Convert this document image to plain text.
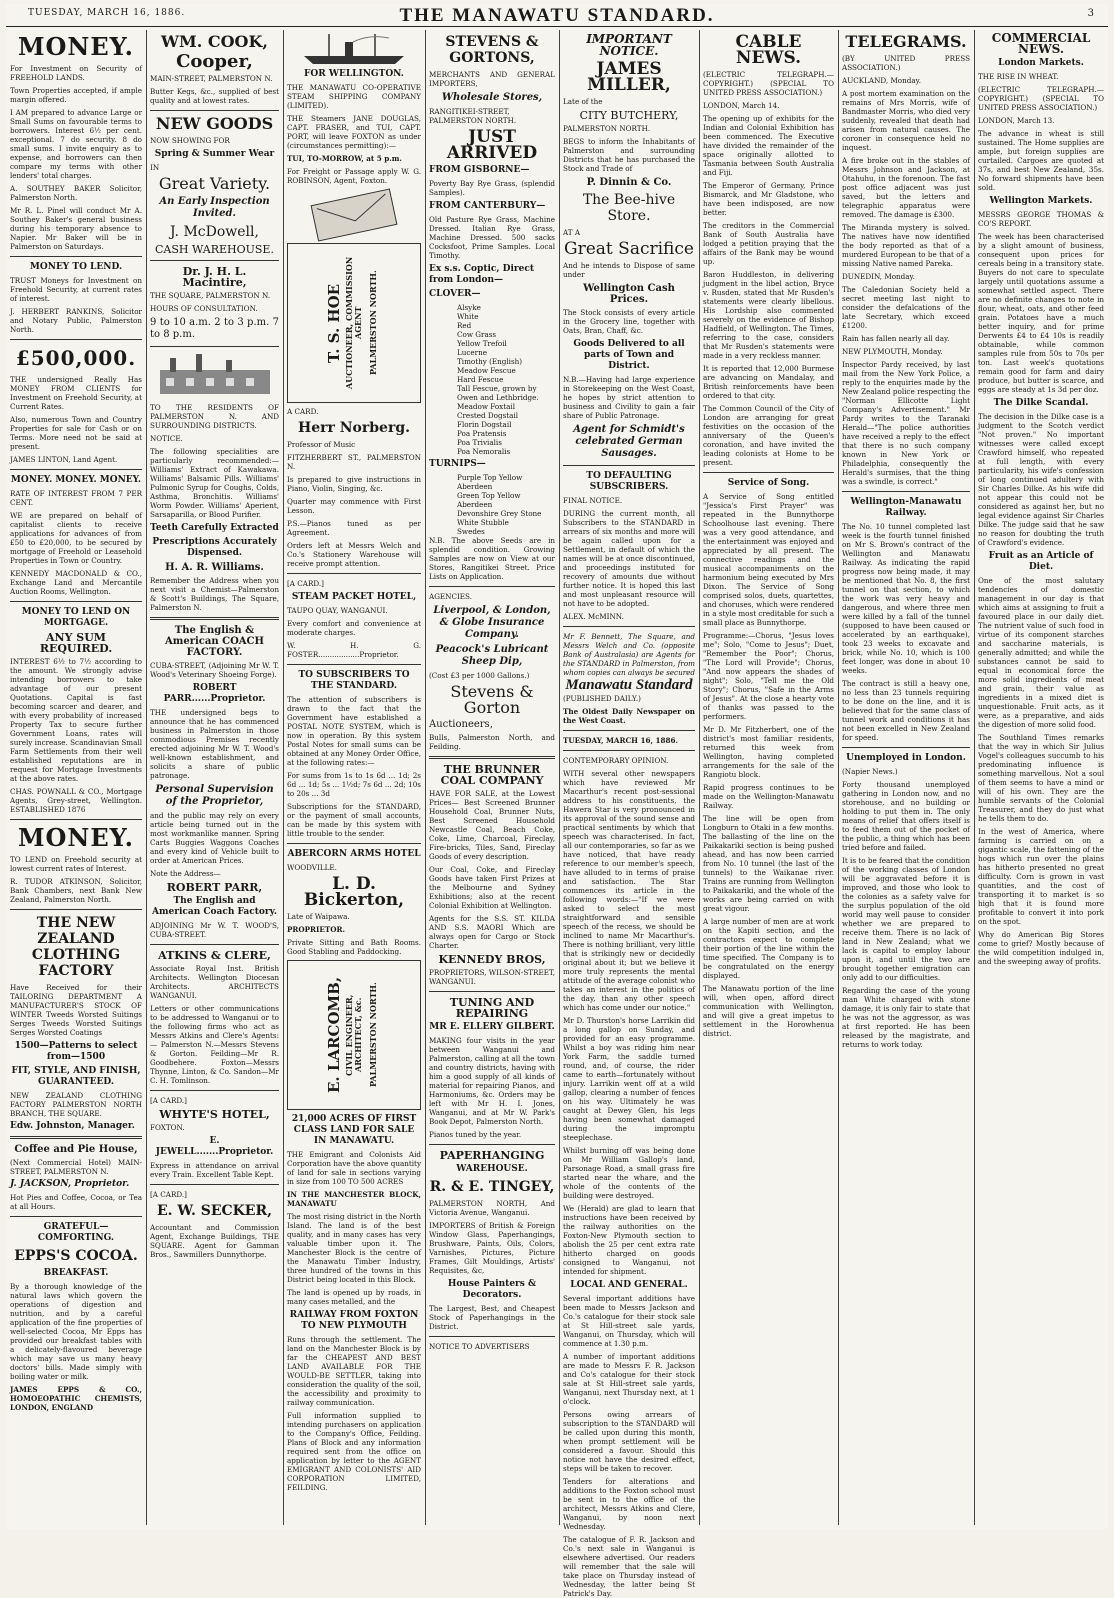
TUESDAY, MARCH 16, 1886.	THE MANAWATU STANDARD.	3
MONEY.

For Investment on Security of FREEHOLD LANDS.

Town Properties accepted, if ample margin offered.

I AM prepared to advance Large or Small Sums on favourable terms to borrowers. Interest 6½ per cent. exceptional. 7 do security. 8 do small sums. I invite enquiry as to expense, and borrowers can then compare my terms with other lenders' total charges.

A. SOUTHEY BAKER Solicitor, Palmerston North.

Mr R. L. Pinel will conduct Mr A. Southey Baker's general business during his temporary absence to Napier. Mr Baker will be in Palmerston on Saturdays.

MONEY TO LEND.

TRUST Moneys for Investment on Freehold Security, at current rates of interest.

J. HERBERT RANKINS, Solicitor and Notary Public, Palmerston North.

£500,000.

THE undersigned Really Has MONEY FROM CLIENTS for Investment on Freehold Security, at Current Rates.

Also, numerous Town and Country Properties for sale for Cash or on Terms. More need not be said at present.

JAMES LINTON, Land Agent.

MONEY. MONEY. MONEY.

RATE OF INTEREST FROM 7 PER CENT.

WE are prepared on behalf of capitalist clients to receive applications for advances of from £50 to £20,000, to be secured by mortgage of Freehold or Leasehold Properties in Town or Country.

KENNEDY MACDONALD & CO., Exchange Land and Mercantile Auction Rooms, Wellington.

MONEY TO LEND ON MORTGAGE.
ANY SUM REQUIRED.

INTEREST 6½ to 7½ according to the amount. We strongly advise intending borrowers to take advantage of our present Quotations. Capital is fast becoming scarcer and dearer, and with every probability of increased Property Tax to secure further Government Loans, rates will surely increase. Scandinavian Small Farm Settlements from their well established reputations are in request for Mortgage Investments at the above rates.

CHAS. POWNALL & CO., Mortgage Agents, Grey-street, Wellington. ESTABLISHED 1876

MONEY.

TO LEND on Freehold security at lowest current rates of Interest.

R. TUDOR ATKINSON, Solicitor, Bank Chambers, next Bank New Zealand, Palmerston North.

THE NEW ZEALAND CLOTHING FACTORY

Have Received for their TAILORING DEPARTMENT A MANUFACTURER'S STOCK OF WINTER Tweeds Worsted Suitings Serges Tweeds Worsted Suitings Serges Worsted Coatings

1500—Patterns to select from—1500
FIT, STYLE, AND FINISH, GUARANTEED.

NEW ZEALAND CLOTHING FACTORY PALMERSTON NORTH BRANCH, THE SQUARE.

Edw. Johnston, Manager.

Coffee and Pie House,

(Next Commercial Hotel) MAIN-STREET, PALMERSTON N.

J. JACKSON, Proprietor.

Hot Pies and Coffee, Cocoa, or Tea at all Hours.

GRATEFUL—COMFORTING.
EPPS'S COCOA.
BREAKFAST.

By a thorough knowledge of the natural laws which govern the operations of digestion and nutrition, and by a careful application of the fine properties of well-selected Cocoa, Mr Epps has provided our breakfast tables with a delicately-flavoured beverage which may save us many heavy doctors' bills. Made simply with boiling water or milk.

JAMES EPPS & CO., HOMOEOPATHIC CHEMISTS, LONDON, ENGLAND

WM. COOK,
Cooper,

MAIN-STREET, PALMERSTON N.

Butter Kegs, &c., supplied of best quality and at lowest rates.

NEW GOODS

NOW SHOWING FOR

Spring & Summer Wear

IN

Great Variety.
An Early Inspection Invited.
J. McDowell,
CASH WAREHOUSE.
Dr. J. H. L. Macintire,

THE SQUARE, PALMERSTON N.

HOURS OF CONSULTATION.

9 to 10 a.m. 2 to 3 p.m. 7 to 8 p.m.

TO THE RESIDENTS OF PALMERSTON N. AND SURROUNDING DISTRICTS.

NOTICE.

The following specialities are particularly recommended:— Williams' Extract of Kawakawa. Williams' Balsamic Pills. Williams' Pulmonic Syrup for Coughs, Colds, Asthma, Bronchitis. Williams' Worm Powder. Williams' Aperient, Sarsaparilla, or Blood Purifier.

Teeth Carefully Extracted
Prescriptions Accurately Dispensed.
H. A. R. Williams.

Remember the Address when you next visit a Chemist—Palmerston & Scott's Buildings, The Square, Palmerston N.

The English & American COACH FACTORY.

CUBA-STREET, (Adjoining Mr W. T. Wood's Veterinary Shoeing Forge).

ROBERT PARR......Proprietor.

THE undersigned begs to announce that he has commenced business in Palmerston in those commodious Premises recently erected adjoining Mr W. T. Wood's well-known establishment, and solicits a share of public patronage.

Personal Supervision of the Proprietor,

and the public may rely on every article being turned out in the most workmanlike manner. Spring Carts Buggies Waggons Coaches and every kind of Vehicle built to order at American Prices.

Note the Address—

ROBERT PARR,
The English and American Coach Factory.

ADJOINING Mr W. T. WOOD'S, CUBA-STREET.

ATKINS & CLERE,

Associate Royal Inst. British Architects. Wellington Diocesan Architects. ARCHITECTS WANGANUI.

Letters or other communications to be addressed to Wanganui or to the following firms who act as Messrs Atkins and Clere's Agents:— Palmerston N.—Messrs Stevens & Gorton. Feilding—Mr R. Goodbehere. Foxton—Messrs Thynne, Linton, & Co. Sandon—Mr C. H. Tomlinson.

[A CARD.]

WHYTE'S HOTEL,

FOXTON.

E. JEWELL.......Proprietor.

Express in attendance on arrival every Train. Excellent Table Kept.

[A CARD.]

E. W. SECKER,

Accountant and Commission Agent, Exchange Buildings, THE SQUARE. Agent for Gamman Bros., Sawmillers Dunnythorpe.

FOR WELLINGTON.

THE MANAWATU CO-OPERATIVE STEAM SHIPPING COMPANY (LIMITED).

THE Steamers JANE DOUGLAS, CAPT. FRASER, and TUI, CAPT. PORT, will leave FOXTON as under (circumstances permitting):—

TUI, TO-MORROW, at 5 p.m.

For Freight or Passage apply W. G. ROBINSON, Agent, Foxton.

T. S. HOE AUCTIONEER, COMMISSION AGENT PALMERSTON NORTH.

A CARD.

Herr Norberg.

Professor of Music

FITZHERBERT ST., PALMERSTON N.

Is prepared to give instructions in Piano, Violin, Singing, &c.

Quarter may commence with First Lesson.

P.S.—Pianos tuned as per Agreement.

Orders left at Messrs Welch and Co.'s Stationery Warehouse will receive prompt attention.

[A CARD.]

STEAM PACKET HOTEL,

TAUPO QUAY, WANGANUI.

Every comfort and convenience at moderate charges.

W. H. G. FOSTER..................Proprietor.

TO SUBSCRIBERS TO THE STANDARD.

The attention of subscribers is drawn to the fact that the Government have established a POSTAL NOTE SYSTEM, which is now in operation. By this system Postal Notes for small sums can be obtained at any Money Order Office, at the following rates:—

For sums from 1s to 1s 6d ... 1d; 2s 6d ... 1d; 5s ... 1½d; 7s 6d ... 2d; 10s to 20s ... 3d

Subscriptions for the STANDARD, or the payment of small accounts, can be made by this system with little trouble to the sender.

ABERCORN ARMS HOTEL

WOODVILLE.

L. D. Bickerton,

Late of Waipawa.

PROPRIETOR.

Private Sitting and Bath Rooms. Good Stabling and Paddocking.

E. LARCOMB, CIVIL ENGINEER, ARCHITECT, &c. PALMERSTON NORTH.
21,000 ACRES OF FIRST CLASS LAND FOR SALE IN MANAWATU.

THE Emigrant and Colonists Aid Corporation have the above quantity of land for sale in sections varying in size from 100 TO 500 ACRES

IN THE MANCHESTER BLOCK, MANAWATU

The most rising district in the North Island. The land is of the best quality, and in many cases has very valuable timber upon it. The Manchester Block is the centre of the Manawatu Timber Industry, three hundred of the towns in this District being located in this Block.

The land is opened up by roads, in many cases metalled, and the

RAILWAY FROM FOXTON TO NEW PLYMOUTH

Runs through the settlement. The land on the Manchester Block is by far the CHEAPEST AND BEST LAND AVAILABLE FOR THE WOULD-BE SETTLER, taking into consideration the quality of the soil, the accessibility and proximity to railway communication.

Full information supplied to intending purchasers on application to the Company's Office, Feilding. Plans of Block and any information required sent from the office on application by letter to the AGENT EMIGRANT AND COLONISTS' AID CORPORATION LIMITED, FEILDING.

STEVENS & GORTONS,

MERCHANTS AND GENERAL IMPORTERS,

Wholesale Stores,

RANGITIKEI-STREET, PALMERSTON NORTH.

JUST ARRIVED
FROM GISBORNE—

Poverty Bay Rye Grass, (splendid Samples).

FROM CANTERBURY—

Old Pasture Rye Grass, Machine Dressed. Italian Rye Grass, Machine Dressed. 500 sacks Cocksfoot, Prime Samples. Local Timothy.

Ex s.s. Coptic, Direct from London—
CLOVER—
Alsyke
White
Red
Cow Grass
Yellow Trefoil
Lucerne
Timothy (English)
Meadow Fescue
Hard Fescue
Tall Fescue, grown by Owen and Lethbridge.
Meadow Foxtail
Crested Dogstail
Florin Dogstail
Poa Pratensis
Poa Trivialis
Poa Nemoralis
TURNIPS—
Purple Top Yellow Aberdeen
Green Top Yellow Aberdeen
Devonshire Grey Stone
White Stubble
Swedes

N.B. The above Seeds are in splendid condition. Growing Samples are now on View at our Stores, Rangitikei Street. Price Lists on Application.

AGENCIES.

Liverpool, & London, & Globe Insurance Company.
Peacock's Lubricant Sheep Dip,

(Cost £3 per 1000 Gallons.)

Stevens & Gorton

Auctioneers,

Bulls, Palmerston North, and Feilding.

THE BRUNNER COAL COMPANY

HAVE FOR SALE, at the Lowest Prices— Best Screened Brunner Household Coal, Brunner Nuts, Best Screened Household Newcastle Coal, Beach Coke, Coke, Lime, Charcoal, Fireclay, Fire-bricks, Tiles, Sand, Fireclay Goods of every description.

Our Coal, Coke, and Fireclay Goods have taken First Prizes at the Melbourne and Sydney Exhibitions; also at the recent Colonial Exhibition at Wellington.

Agents for the S.S. ST. KILDA AND S.S. MAORI Which are always open for Cargo or Stock Charter.

KENNEDY BROS,

PROPRIETORS, WILSON-STREET, WANGANUI.

TUNING AND REPAIRING
MR E. ELLERY GILBERT.

MAKING four visits in the year between Wanganui and Palmerston, calling at all the town and country districts, having with him a good supply of all kinds of material for repairing Pianos, and Harmoniums, &c. Orders may be left with Mr H. I. Jones, Wanganui, and at Mr W. Park's Book Depot, Palmerston North.

Pianos tuned by the year.

PAPERHANGING
WAREHOUSE.
R. & E. TINGEY,

PALMERSTON NORTH, And Victoria Avenue, Wanganui.

IMPORTERS of British & Foreign Window Glass, Paperhangings, Brushware, Paints, Oils, Colors, Varnishes, Pictures, Picture Frames, Gilt Mouldings, Artists' Requisites, &c,

House Painters & Decorators.

The Largest, Best, and Cheapest Stock of Paperhangings in the District.

NOTICE TO ADVERTISERS

IMPORTANT NOTICE.
JAMES MILLER,

Late of the

CITY BUTCHERY,

PALMERSTON NORTH.

BEGS to inform the Inhabitants of Palmerston and surrounding Districts that he has purchased the Stock and Trade of

P. Dinnin & Co.
The Bee-hive Store.

AT A

Great Sacrifice

And he intends to Dispose of same under

Wellington Cash Prices.

The Stock consists of every article in the Grocery line, together with Oats, Bran, Chaff, &c.

Goods Delivered to all parts of Town and District.

N.B.—Having had large experience in Storekeeping on the West Coast, he hopes by strict attention to business and Civility to gain a fair share of Public Patronage.

Agent for Schmidt's celebrated German Sausages.
TO DEFAULTING SUBSCRIBERS.

FINAL NOTICE.

DURING the current month, all Subscribers to the STANDARD in arrears of six months and more will be again called upon for a Settlement, in default of which the names will be at once discontinued, and proceedings instituted for recovery of amounts due without further notice. It is hoped this last and most unpleasant resource will not have to be adopted.

ALEX. McMINN.

Mr F. Bennett, The Square, and Messrs Welch and Co. (opposite Bank of Australasia) are Agents for the STANDARD in Palmerston, from whom copies can always be secured

Manawatu Standard

(PUBLISHED DAILY.)

The Oldest Daily Newspaper on the West Coast.

TUESDAY, MARCH 16, 1886.

CONTEMPORARY OPINION.

WITH several other newspapers which have reviewed Mr Macarthur's recent post-sessional address to his constituents, the Hawera Star is very pronounced in its approval of the sound sense and practical sentiments by which that speech was characterised. In fact, all our contemporaries, so far as we have noticed, that have ready reference to our member's speech, have alluded to in terms of praise and satisfaction. The Star commences its article in the following words:—"If we were asked to select the most straightforward and sensible speech of the recess, we should be inclined to name Mr Macarthur's. There is nothing brilliant, very little that is strikingly new or decidedly original about it; but we believe it more truly represents the mental attitude of the average colonist who takes an interest in the politics of the day, than any other speech which has come under our notice."

Mr D. Thurston's horse Larrikin did a long gallop on Sunday, and provided for an easy programme. Whilst a boy was riding him near York Farm, the saddle turned round, and, of course, the rider came to earth—fortunately without injury. Larrikin went off at a wild gallop, clearing a number of fences on his way. Ultimately he was caught at Dewey Glen, his legs having been somewhat damaged during the impromptu steeplechase.

Whilst burning off was being done on Mr William Gallop's land, Parsonage Road, a small grass fire started near the whare, and the whole of the contents of the building were destroyed.

We (Herald) are glad to learn that instructions have been received by the railway authorities on the Foxton-New Plymouth section to abolish the 25 per cent extra rate hitherto charged on goods consigned to Wanganui, not intended for shipment.

LOCAL AND GENERAL.

Several important additions have been made to Messrs Jackson and Co.'s catalogue for their stock sale at St Hill-street sale yards, Wanganui, on Thursday, which will commence at 1.30 p.m.

A number of important additions are made to Messrs F. R. Jackson and Co's catalogue for their stock sale at St Hill-street sale yards, Wanganui, next Thursday next, at 1 o'clock.

Persons owing arrears of subscription to the STANDARD will be called upon during this month, when prompt settlement will be considered a favour. Should this notice not have the desired effect, steps will be taken to recover.

Tenders for alterations and additions to the Foxton school must be sent in to the office of the architect, Messrs Atkins and Clere, Wanganui, by noon next Wednesday.

The catalogue of F. R. Jackson and Co.'s next sale in Wanganui is elsewhere advertised. Our readers will remember that the sale will take place on Thursday instead of Wednesday, the latter being St Patrick's Day.

CABLE NEWS.

(ELECTRIC TELEGRAPH.—COPYRIGHT.) (SPECIAL TO UNITED PRESS ASSOCIATION.)

LONDON, March 14.

The opening up of exhibits for the Indian and Colonial Exhibition has been commenced. The Executive have divided the remainder of the space originally allotted to Tasmania between South Australia and Fiji.

The Emperor of Germany, Prince Bismarck, and Mr Gladstone, who have been indisposed, are now better.

The creditors in the Commercial Bank of South Australia have lodged a petition praying that the affairs of the Bank may be wound up.

Baron Huddleston, in delivering judgment in the libel action, Bryce v. Rusden, stated that Mr Rusden's statements were clearly libellous. His Lordship also commented severely on the evidence of Bishop Hadfield, of Wellington. The Times, referring to the case, considers that Mr Rusden's statements were made in a very reckless manner.

It is reported that 12,000 Burmese are advancing on Mandalay, and British reinforcements have been ordered to that city.

The Common Council of the City of London are arranging for great festivities on the occasion of the anniversary of the Queen's coronation, and have invited the leading colonists at Home to be present.

Service of Song.

A Service of Song entitled "Jessica's First Prayer" was repeated in the Bunnythorpe Schoolhouse last evening. There was a very good attendance, and the entertainment was enjoyed and appreciated by all present. The connective readings and the musical accompaniments on the harmonium being executed by Mrs Dixon. The Service of Song comprised solos, duets, quartettes, and choruses, which were rendered in a style most creditable for such a small place as Bunnythorpe.

Programme:—Chorus, "Jesus loves me"; Solo, "Come to Jesus"; Duet, "Remember the Poor"; Chorus, "The Lord will Provide"; Chorus, "And now appears the shades of night"; Solo, "Tell me the Old Story"; Chorus, "Safe in the Arms of Jesus". At the close a hearty vote of thanks was passed to the performers.

Mr D. Mr Fitzherbert, one of the district's most familiar residents, returned this week from Wellington, having completed arrangements for the sale of the Rangiotu block.

Rapid progress continues to be made on the Wellington-Manawatu Railway.

The line will be open from Longburn to Otaki in a few months. The ballasting of the line on the Paikakariki section is being pushed ahead, and has now been carried from No. 10 tunnel (the last of the tunnels) to the Waikanae river. Trains are running from Wellington to Paikakariki, and the whole of the works are being carried on with great vigour.

A large number of men are at work on the Kapiti section, and the contractors expect to complete their portion of the line within the time specified. The Company is to be congratulated on the energy displayed.

The Manawatu portion of the line will, when open, afford direct communication with Wellington, and will give a great impetus to settlement in the Horowhenua district.

TELEGRAMS.

(BY UNITED PRESS ASSOCIATION.)

AUCKLAND, Monday.

A post mortem examination on the remains of Mrs Morris, wife of Bandmaster Morris, who died very suddenly, revealed that death had arisen from natural causes. The coroner in consequence held no inquest.

A fire broke out in the stables of Messrs Johnson and Jackson, at Otahuhu, in the forenoon. The fast post office adjacent was just saved, but the letters and telegraphic apparatus were removed. The damage is £300.

The Miranda mystery is solved. The natives have now identified the body reported as that of a murdered European to be that of a missing Native named Pareka.

DUNEDIN, Monday.

The Caledonian Society held a secret meeting last night to consider the defalcations of the late Secretary, which exceed £1200.

Rain has fallen nearly all day.

NEW PLYMOUTH, Monday.

Inspector Pardy received, by last mail from the New York Police, a reply to the enquiries made by the New Zealand police respecting the "Norman Ellicotte Light Company's Advertisement." Mr Pardy writes to the Taranaki Herald—"The police authorities have received a reply to the effect that there is no such company known in New York or Philadelphia, consequently the Herald's surmises, that the thing was a swindle, is correct."

Wellington-Manawatu Railway.

The No. 10 tunnel completed last week is the fourth tunnel finished on Mr S. Brown's contract of the Wellington and Manawatu Railway. As indicating the rapid progress now being made, it may be mentioned that No. 8, the first tunnel on that section, to which the work was very heavy and dangerous, and where three men were killed by a fall of the tunnel (supposed to have been caused or accelerated by an earthquake), took 23 weeks to excavate and brick, while No. 10, which is 100 feet longer, was done in about 10 weeks.

The contract is still a heavy one, no less than 23 tunnels requiring to be done on the line, and it is believed that for the same class of tunnel work and conditions it has not been excelled in New Zealand for speed.

Unemployed in London.

(Napier News.)

Forty thousand unemployed gathering in London now, and no storehouse, and no building or holding to put them in. The only means of relief that offers itself is to feed them out of the pocket of the public, a thing which has been tried before and failed.

It is to be feared that the condition of the working classes of London will be aggravated before it is improved, and those who look to the colonies as a safety valve for the surplus population of the old world may well pause to consider whether we are prepared to receive them. There is no lack of land in New Zealand; what we lack is capital to employ labour upon it, and until the two are brought together emigration can only add to our difficulties.

Regarding the case of the young man White charged with stone damage, it is only fair to state that he was not the aggressor, as was at first reported. He has been released by the magistrate, and returns to work today.

COMMERCIAL NEWS.
London Markets.

THE RISE IN WHEAT.

(ELECTRIC TELEGRAPH.—COPYRIGHT.) (SPECIAL TO UNITED PRESS ASSOCIATION.)

LONDON, March 13.

The advance in wheat is still sustained. The Home supplies are ample, but foreign supplies are curtailed. Cargoes are quoted at 37s, and best New Zealand, 35s. No forward shipments have been sold.

Wellington Markets.

MESSRS GEORGE THOMAS & CO'S REPORT.

The week has been characterised by a slight amount of business, consequent upon prices for cereals being in a transitory state. Buyers do not care to speculate largely until quotations assume a somewhat settled aspect. There are no definite changes to note in flour, wheat, oats, and other feed grain. Potatoes have a much better inquiry, and for prime Derwents £4 to £4 10s is readily obtainable, while common samples rule from 50s to 70s per ton. Last week's quotations remain good for farm and dairy produce, but butter is scarce, and eggs are steady at 1s 3d per doz.

The Dilke Scandal.

The decision in the Dilke case is a judgment to the Scotch verdict "Not proven." No important witnesses were called except Crawford himself, who repeated at full length, with every particularity, his wife's confession of long continued adultery with Sir Charles Dilke. As his wife did not appear this could not be considered as against her, but no legal evidence against Sir Charles Dilke. The judge said that he saw no reason for doubting the truth of Crawford's evidence.

Fruit as an Article of Diet.

One of the most salutary tendencies of domestic management in our day is that which aims at assigning to fruit a favoured place in our daily diet. The nutrient value of such food in virtue of its component starches and saccharine materials, is generally admitted; and while the substances cannot be said to equal in economical force the more solid ingredients of meat and grain, their value as ingredients in a mixed diet is unquestionable. Fruit acts, as it were, as a preparative, and aids the digestion of more solid food.

The Southland Times remarks that the way in which Sir Julius Vogel's colleagues succumb to his predominating influence is something marvellous. Not a soul of them seems to have a mind or will of his own. They are the humble servants of the Colonial Treasurer, and they do just what he tells them to do.

In the west of America, where farming is carried on on a gigantic scale, the fattening of the hogs which run over the plains has hitherto presented no great difficulty. Corn is grown in vast quantities, and the cost of transporting it to market is so high that it is found more profitable to convert it into pork on the spot.

Why do American Big Stores come to grief? Mostly because of the wild competition indulged in, and the sweeping away of profits.
